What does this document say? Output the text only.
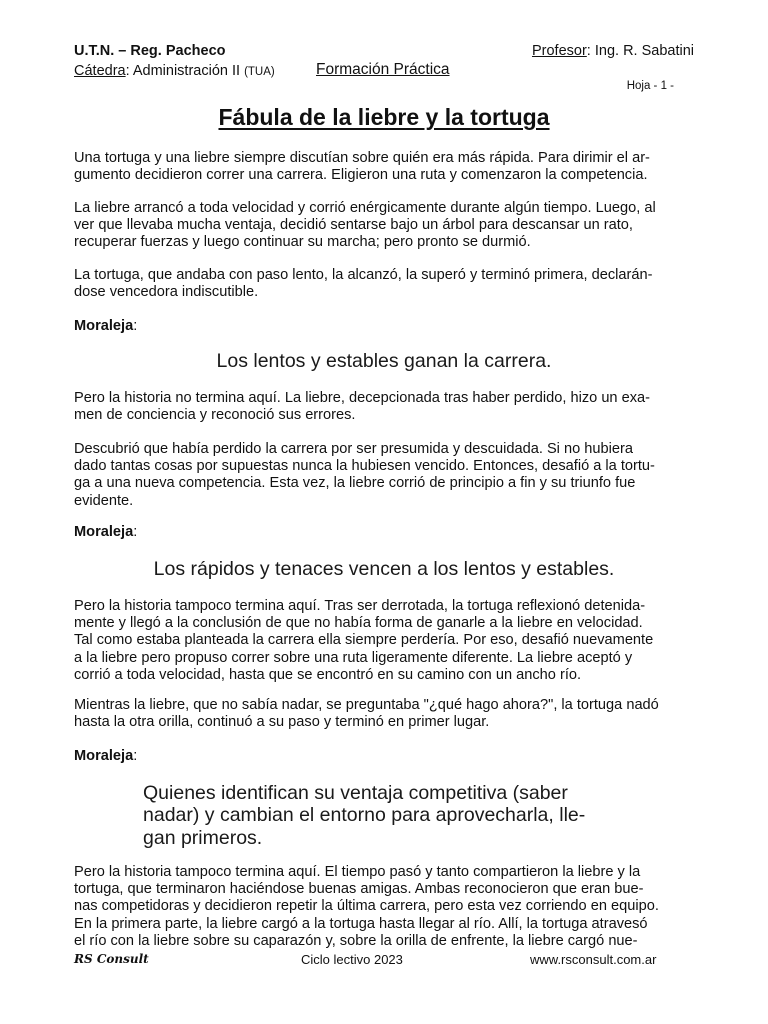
U.T.N. – Reg. Pacheco
Cátedra: Administración II (TUA)	Formación Práctica
Profesor: Ing. R. Sabatini
Hoja - 1 -
Fábula de la liebre y la tortuga
Una tortuga y una liebre siempre discutían sobre quién era más rápida. Para dirimir el ar-
gumento decidieron correr una carrera. Eligieron una ruta y comenzaron la competencia.
La liebre arrancó a toda velocidad y corrió enérgicamente durante algún tiempo. Luego, al
ver que llevaba mucha ventaja, decidió sentarse bajo un árbol para descansar un rato,
recuperar fuerzas y luego continuar su marcha; pero pronto se durmió.
La tortuga, que andaba con paso lento, la alcanzó, la superó y terminó primera, declarán-
dose vencedora indiscutible.
Moraleja:
Los lentos y estables ganan la carrera.
Pero la historia no termina aquí. La liebre, decepcionada tras haber perdido, hizo un exa-
men de conciencia y reconoció sus errores.
Descubrió que había perdido la carrera por ser presumida y descuidada. Si no hubiera
dado tantas cosas por supuestas nunca la hubiesen vencido. Entonces, desafió a la tortu-
ga a una nueva competencia. Esta vez, la liebre corrió de principio a fin y su triunfo fue
evidente.
Moraleja:
Los rápidos y tenaces vencen a los lentos y estables.
Pero la historia tampoco termina aquí. Tras ser derrotada, la tortuga reflexionó detenida-
mente y llegó a la conclusión de que no había forma de ganarle a la liebre en velocidad.
Tal como estaba planteada la carrera ella siempre perdería. Por eso, desafió nuevamente
a la liebre pero propuso correr sobre una ruta ligeramente diferente. La liebre aceptó y
corrió a toda velocidad, hasta que se encontró en su camino con un ancho río.
Mientras la liebre, que no sabía nadar, se preguntaba "¿qué hago ahora?", la tortuga nadó
hasta la otra orilla, continuó a su paso y terminó en primer lugar.
Moraleja:
Quienes identifican su ventaja competitiva (saber
nadar) y cambian el entorno para aprovecharla, lle-
gan primeros.
Pero la historia tampoco termina aquí. El tiempo pasó y tanto compartieron la liebre y la
tortuga, que terminaron haciéndose buenas amigas. Ambas reconocieron que eran bue-
nas competidoras y decidieron repetir la última carrera, pero esta vez corriendo en equipo.
En la primera parte, la liebre cargó a la tortuga hasta llegar al río. Allí, la tortuga atravesó
el río con la liebre sobre su caparazón y, sobre la orilla de enfrente, la liebre cargó nue-
RS Consult	Ciclo lectivo 2023	www.rsconsult.com.ar
